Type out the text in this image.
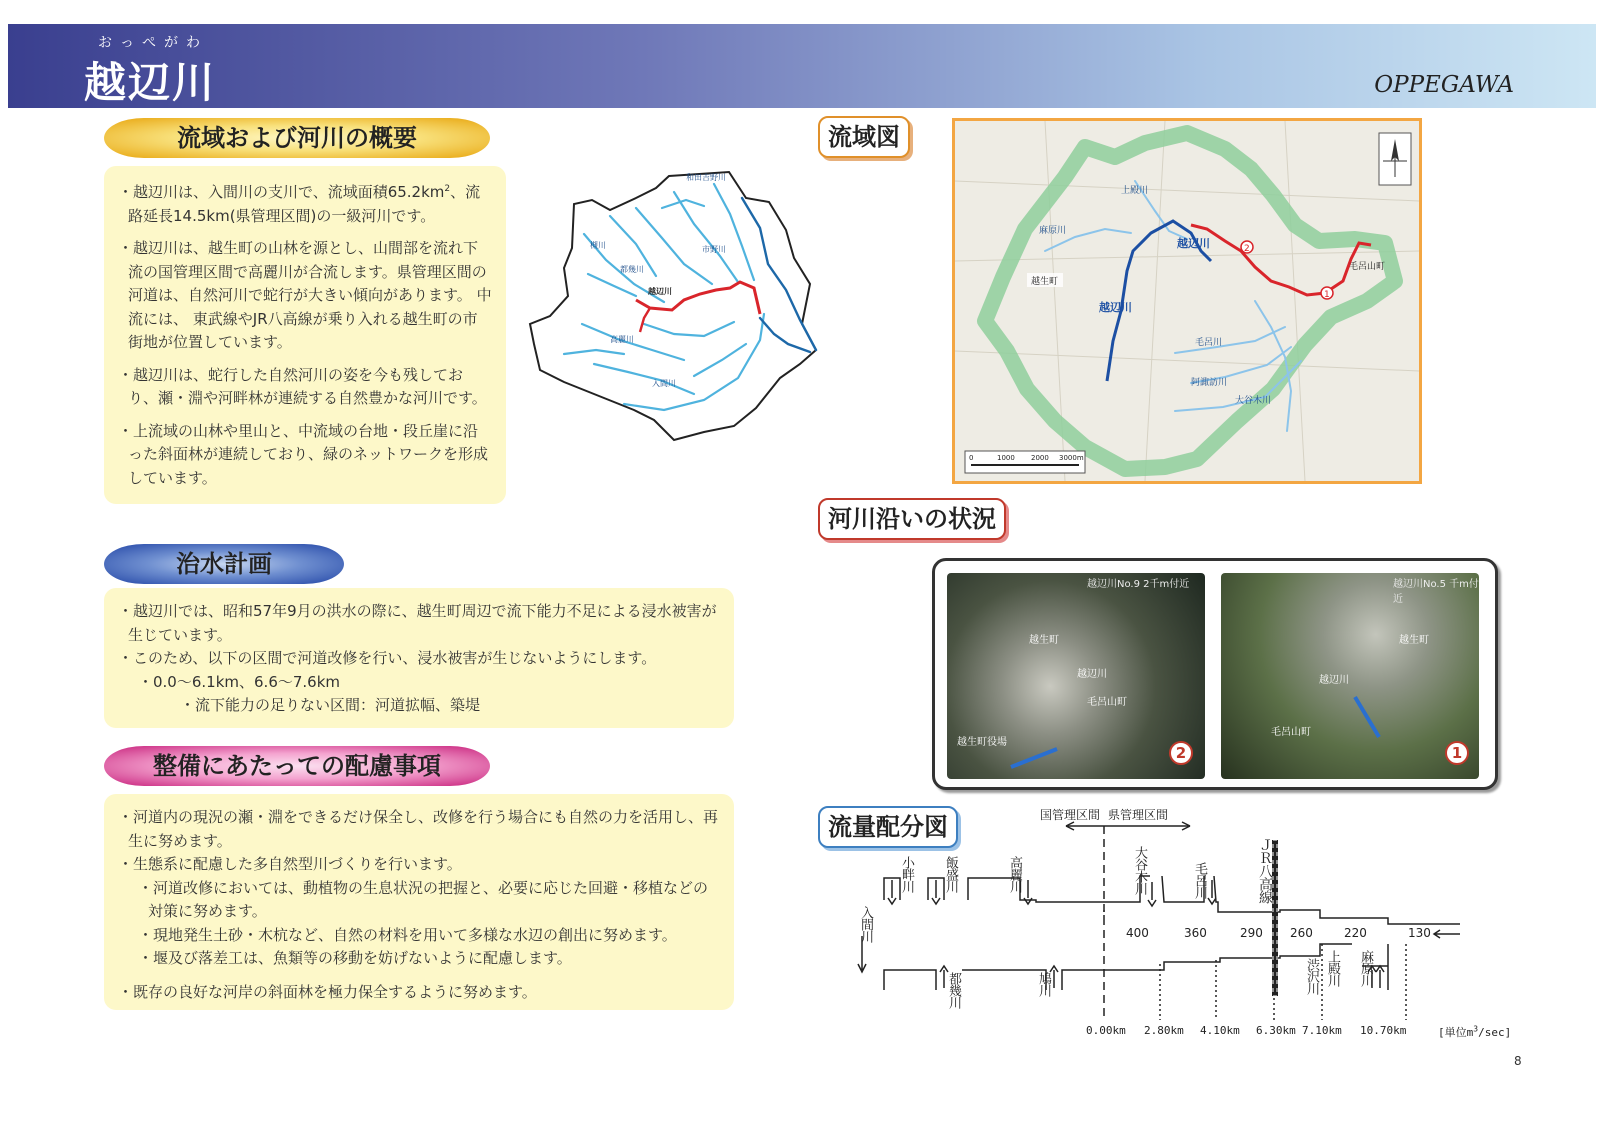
おっぺがわ
越辺川	OPPEGAWA
流域および河川の概要

・越辺川は、入間川の支川で、流域面積$65.2km^2$、流路延長14.5km(県管理区間)の一級河川です。

・越辺川は、越生町の山林を源とし、山間部を流れ下流の国管理区間で高麗川が合流します。県管理区間の河道は、自然河川で蛇行が大きい傾向があります。 中流には、 東武線やJR八高線が乗り入れる越生町の市街地が位置しています。

・越辺川は、蛇行した自然河川の姿を今も残しており、瀬・淵や河畔林が連続する自然豊かな河川です。

・上流域の山林や里山と、中流域の台地・段丘崖に沿った斜面林が連続しており、緑のネットワークを形成しています。

和田吉野川
市野川
槻川
都幾川
越辺川
高麗川
入間川
治水計画

・越辺川では、昭和57年9月の洪水の際に、越生町周辺で流下能力不足による浸水被害が生じています。

・このため、以下の区間で河道改修を行い、浸水被害が生じないようにします。

・0.0～6.1km、6.6～7.6km

・流下能力の足りない区間：河道拡幅、築堤

整備にあたっての配慮事項

・河道内の現況の瀬・淵をできるだけ保全し、改修を行う場合にも自然の力を活用し、再生に努めます。

・生態系に配慮した多自然型川づくりを行います。

・河道改修においては、動植物の生息状況の把握と、必要に応じた回避・移植などの対策に努めます。

・現地発生土砂・木杭など、自然の材料を用いて多様な水辺の創出に努めます。

・堰及び落差工は、魚類等の移動を妨げないように配慮します。

・既存の良好な河岸の斜面林を極力保全するように努めます。

流域図
1
2
上殿川
麻原川
越辺川
越辺川
越生町
毛呂山町
毛呂川
阿諏訪川
大谷木川
0	1000 2000 3000m
河川沿いの状況
越辺川No.9 2千m付近
越生町
越辺川
毛呂山町
越生町役場
2
越辺川No.5 千m付近
越生町
越辺川
毛呂山町
1
流量配分図	国管理区間 県管理区間
小畔川 飯盛川	高麗川	大谷木川	毛呂川	ＪＲ八高線
入間川
都幾川	鳩川	渋沢川 上殿川 麻原川
400	360	290 260	220	130
0.00km 2.80km 4.10km 6.30km 7.10km 10.70km	[単位$m^3/\sec$]
8
